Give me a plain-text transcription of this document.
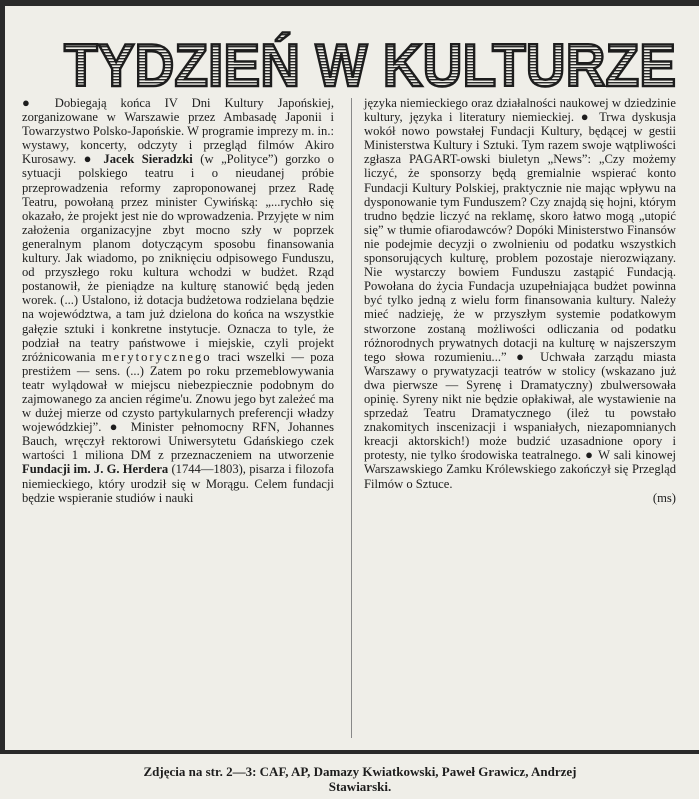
TYDZIEŃ W KULTURZE

● Dobiegają końca IV Dni Kultury Japońskiej, zorganizowane w Warszawie przez Ambasadę Japonii i Towarzystwo Polsko-Japońskie. W programie imprezy m. in.: wystawy, koncerty, odczyty i przegląd filmów Akiro Kurosawy. ● Jacek Sieradzki (w „Polityce”) gorzko o sytuacji polskiego teatru i o nieudanej próbie przeprowadzenia reformy zaproponowanej przez Radę Teatru, powołaną przez minister Cywińską: „...rychło się okazało, że projekt jest nie do wprowadzenia. Przyjęte w nim założenia organizacyjne zbyt mocno szły w poprzek generalnym planom dotyczącym sposobu finansowania kultury. Jak wiadomo, po zniknięciu odpisowego Funduszu, od przyszłego roku kultura wchodzi w budżet. Rząd postanowił, że pieniądze na kulturę stanowić będą jeden worek. (...) Ustalono, iż dotacja budżetowa rodzielana będzie na województwa, a tam już dzielona do końca na wszystkie gałęzie sztuki i konkretne instytucje. Oznacza to tyle, że podział na teatry państwowe i miejskie, czyli projekt zróżnicowania merytorycznego traci wszelki — poza prestiżem — sens. (...) Zatem po roku przemeblowywania teatr wylądował w miejscu niebezpiecznie podobnym do zajmowanego za ancien régime'u. Znowu jego byt zależeć ma w dużej mierze od czysto partykularnych preferencji władzy wojewódzkiej”. ● Minister pełnomocny RFN, Johannes Bauch, wręczył rektorowi Uniwersytetu Gdańskiego czek wartości 1 miliona DM z przeznaczeniem na utworzenie Fundacji im. J. G. Herdera (1744—1803), pisarza i filozofa niemieckiego, który urodził się w Morągu. Celem fundacji będzie wspieranie studiów i nauki

języka niemieckiego oraz działalności naukowej w dziedzinie kultury, języka i literatury niemieckiej. ● Trwa dyskusja wokół nowo powstałej Fundacji Kultury, będącej w gestii Ministerstwa Kultury i Sztuki. Tym razem swoje wątpliwości zgłasza PAGART-owski biuletyn „News”: „Czy możemy liczyć, że sponsorzy będą gremialnie wspierać konto Fundacji Kultury Polskiej, praktycznie nie mając wpływu na dysponowanie tym Funduszem? Czy znajdą się hojni, którym trudno będzie liczyć na reklamę, skoro łatwo mogą „utopić się” w tłumie ofiarodawców? Dopóki Ministerstwo Finansów nie podejmie decyzji o zwolnieniu od podatku wszystkich sponsorujących kulturę, problem pozostaje nierozwiązany. Nie wystarczy bowiem Funduszu zastąpić Fundacją. Powołana do życia Fundacja uzupełniająca budżet powinna być tylko jedną z wielu form finansowania kultury. Należy mieć nadzieję, że w przyszłym systemie podatkowym stworzone zostaną możliwości odliczania od podatku różnorodnych prywatnych dotacji na kulturę w najszerszym tego słowa rozumieniu...” ● Uchwała zarządu miasta Warszawy o prywatyzacji teatrów w stolicy (wskazano już dwa pierwsze — Syrenę i Dramatyczny) zbulwersowała opinię. Syreny nikt nie będzie opłakiwał, ale wystawienie na sprzedaż Teatru Dramatycznego (ileż tu powstało znakomitych inscenizacji i wspaniałych, niezapomnianych kreacji aktorskich!) może budzić uzasadnione opory i protesty, nie tylko środowiska teatralnego. ● W sali kinowej Warszawskiego Zamku Królewskiego zakończył się Przegląd Filmów o Sztuce.

(ms)
Zdjęcia na str. 2—3: CAF, AP, Damazy Kwiatkowski, Paweł Grawicz, Andrzej Stawiarski.
